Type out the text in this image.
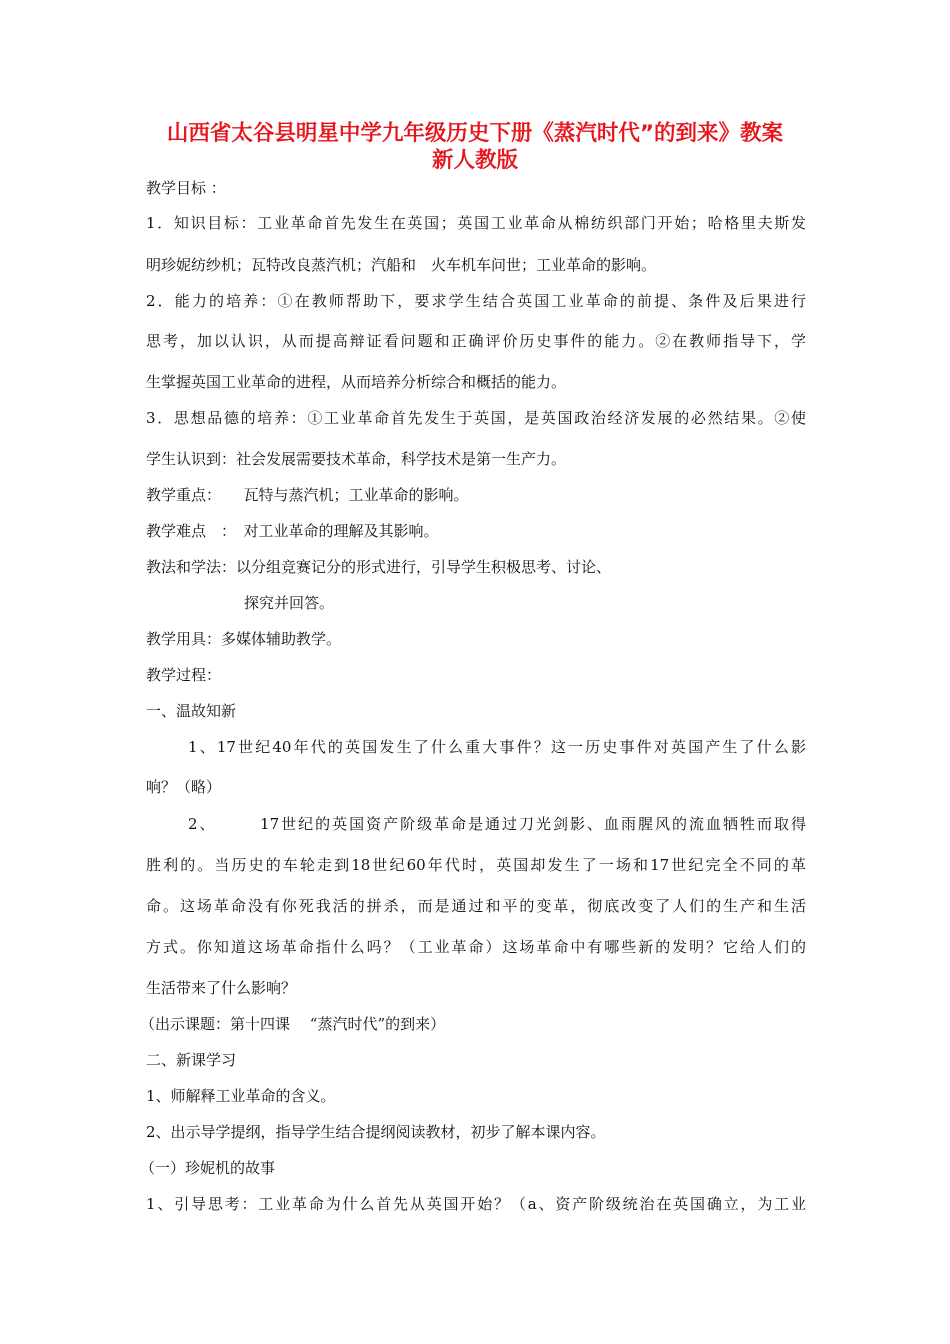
山西省太谷县明星中学九年级历史下册《蒸汽时代”的到来》教案
新人教版
教学目标 ：
1．知识目标：工业革命首先发生在英国；英国工业革命从棉纺织部门开始；哈格里夫斯发
明珍妮纺纱机；瓦特改良蒸汽机；汽船和　火车机车问世；工业革命的影响。
2．能力的培养：①在教师帮助下，要求学生结合英国工业革命的前提、条件及后果进行
思考，加以认识，从而提高辩证看问题和正确评价历史事件的能力。②在教师指导下，学
生掌握英国工业革命的进程，从而培养分析综合和概括的能力。
3．思想品德的培养：①工业革命首先发生于英国，是英国政治经济发展的必然结果。②使
学生认识到：社会发展需要技术革命，科学技术是第一生产力。
教学重点：　　瓦特与蒸汽机；工业革命的影响。
教学难点　：　对工业革命的理解及其影响。
教法和学法：以分组竞赛记分的形式进行，引导学生积极思考、讨论、
探究并回答。
教学用具：多媒体辅助教学。
教学过程：
一、温故知新
1、17世纪40年代的英国发生了什么重大事件？这一历史事件对英国产生了什么影
响？（略）
2、　　　17世纪的英国资产阶级革命是通过刀光剑影、血雨腥风的流血牺牲而取得
胜利的。当历史的车轮走到18世纪60年代时，英国却发生了一场和17世纪完全不同的革
命。这场革命没有你死我活的拼杀，而是通过和平的变革，彻底改变了人们的生产和生活
方式。你知道这场革命指什么吗？（工业革命）这场革命中有哪些新的发明？它给人们的
生活带来了什么影响？
（出示课题：第十四课　 “蒸汽时代”的到来）
二、新课学习
1、师解释工业革命的含义。
2、出示导学提纲，指导学生结合提纲阅读教材，初步了解本课内容。
（一）珍妮机的故事
1、引导思考：工业革命为什么首先从英国开始？（a、资产阶级统治在英国确立，为工业
